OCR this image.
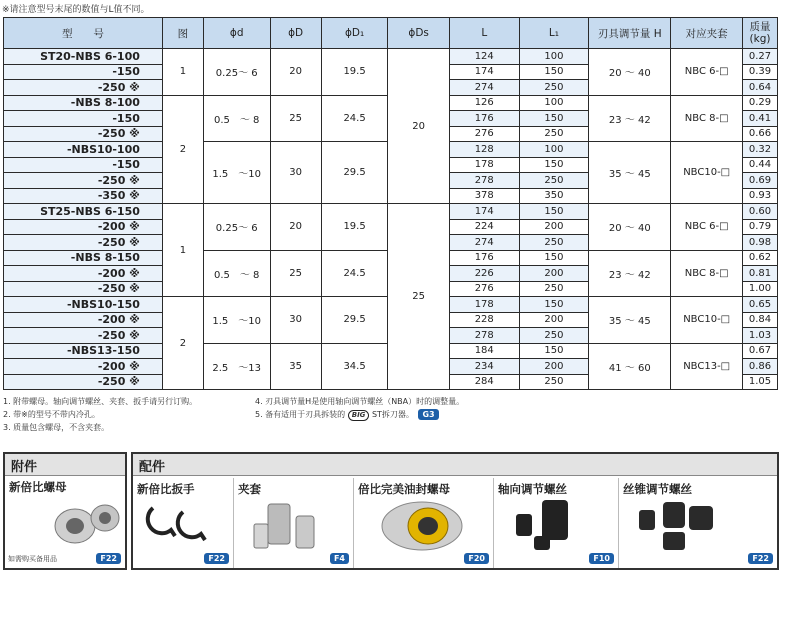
※请注意型号末尾的数值与L值不同。
型　　号	图	ϕd	ϕD	ϕD₁	ϕDs	L	L₁	刃具调节量 H	对应夹套	质量 (kg)
ST20-NBS 6-100	1	0.25～ 6	20	19.5	20	124	100	20 ～ 40	NBC 6-□	0.27
-150						174	150			0.39
-250 ※						274	250			0.64
-NBS 8-100	2	0.5　～ 8	25	24.5		126	100	23 ～ 42	NBC 8-□	0.29
-150						176	150			0.41
-250 ※						276	250			0.66
-NBS10-100		1.5　～10	30	29.5		128	100	35 ～ 45	NBC10-□	0.32
-150						178	150			0.44
-250 ※						278	250			0.69
-350 ※						378	350			0.93
ST25-NBS 6-150	1	0.25～ 6	20	19.5	25	174	150	20 ～ 40	NBC 6-□	0.60
-200 ※						224	200			0.79
-250 ※						274	250			0.98
-NBS 8-150		0.5　～ 8	25	24.5		176	150	23 ～ 42	NBC 8-□	0.62
-200 ※						226	200			0.81
-250 ※						276	250			1.00
-NBS10-150	2	1.5　～10	30	29.5		178	150	35 ～ 45	NBC10-□	0.65
-200 ※						228	200			0.84
-250 ※						278	250			1.03
-NBS13-150		2.5　～13	35	34.5		184	150	41 ～ 60	NBC13-□	0.67
-200 ※						234	200			0.86
-250 ※						284	250			1.05
1. 附带螺母。轴向调节螺丝、夹套、扳手请另行订购。
2. 带※的型号不带内冷孔。
3. 质量包含螺母，不含夹套。
4. 刃具调节量H是使用轴向调节螺丝（NBA）时的调整量。
5. 备有适用于刃具拆装的 BIG ST拆刀器。 G3
附件
新倍比螺母
如需购买备用品	F22
配件
新倍比扳手
F22
夹套
F4
倍比完美油封螺母
F20
轴向调节螺丝
F10
丝锥调节螺丝
F22
